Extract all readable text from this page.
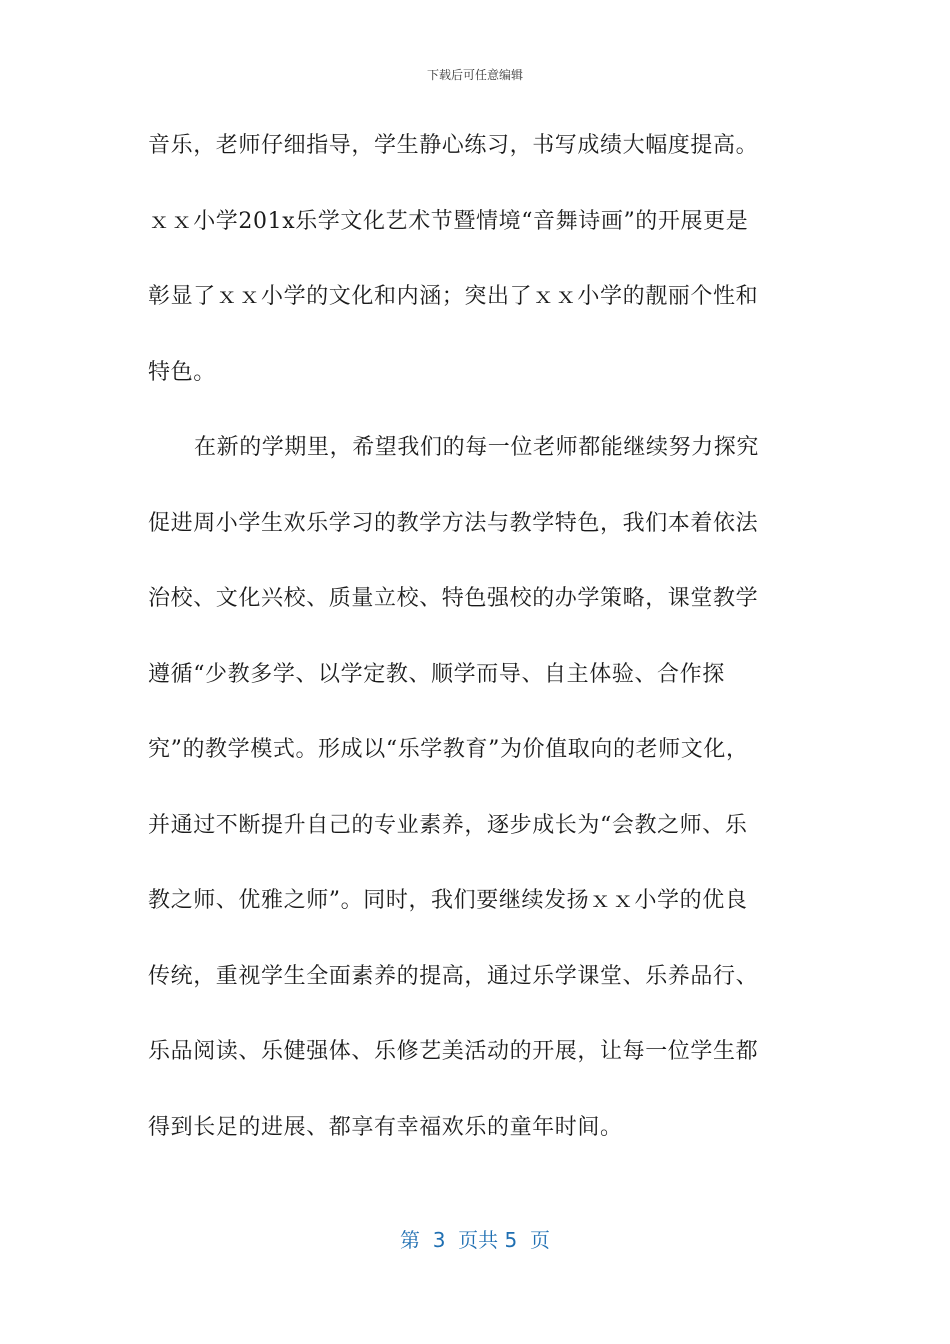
下载后可任意编辑
音乐，老师仔细指导，学生静心练习，书写成绩大幅度提高。
ｘｘ小学201x乐学文化艺术节暨情境“音舞诗画”的开展更是
彰显了ｘｘ小学的文化和内涵；突出了ｘｘ小学的靓丽个性和
特色。
在新的学期里，希望我们的每一位老师都能继续努力探究
促进周小学生欢乐学习的教学方法与教学特色，我们本着依法
治校、文化兴校、质量立校、特色强校的办学策略，课堂教学
遵循“少教多学、以学定教、顺学而导、自主体验、合作探
究”的教学模式。形成以“乐学教育”为价值取向的老师文化，
并通过不断提升自己的专业素养，逐步成长为“会教之师、乐
教之师、优雅之师”。同时，我们要继续发扬ｘｘ小学的优良
传统，重视学生全面素养的提高，通过乐学课堂、乐养品行、
乐品阅读、乐健强体、乐修艺美活动的开展，让每一位学生都
得到长足的进展、都享有幸福欢乐的童年时间。
第  3  页共 5  页
